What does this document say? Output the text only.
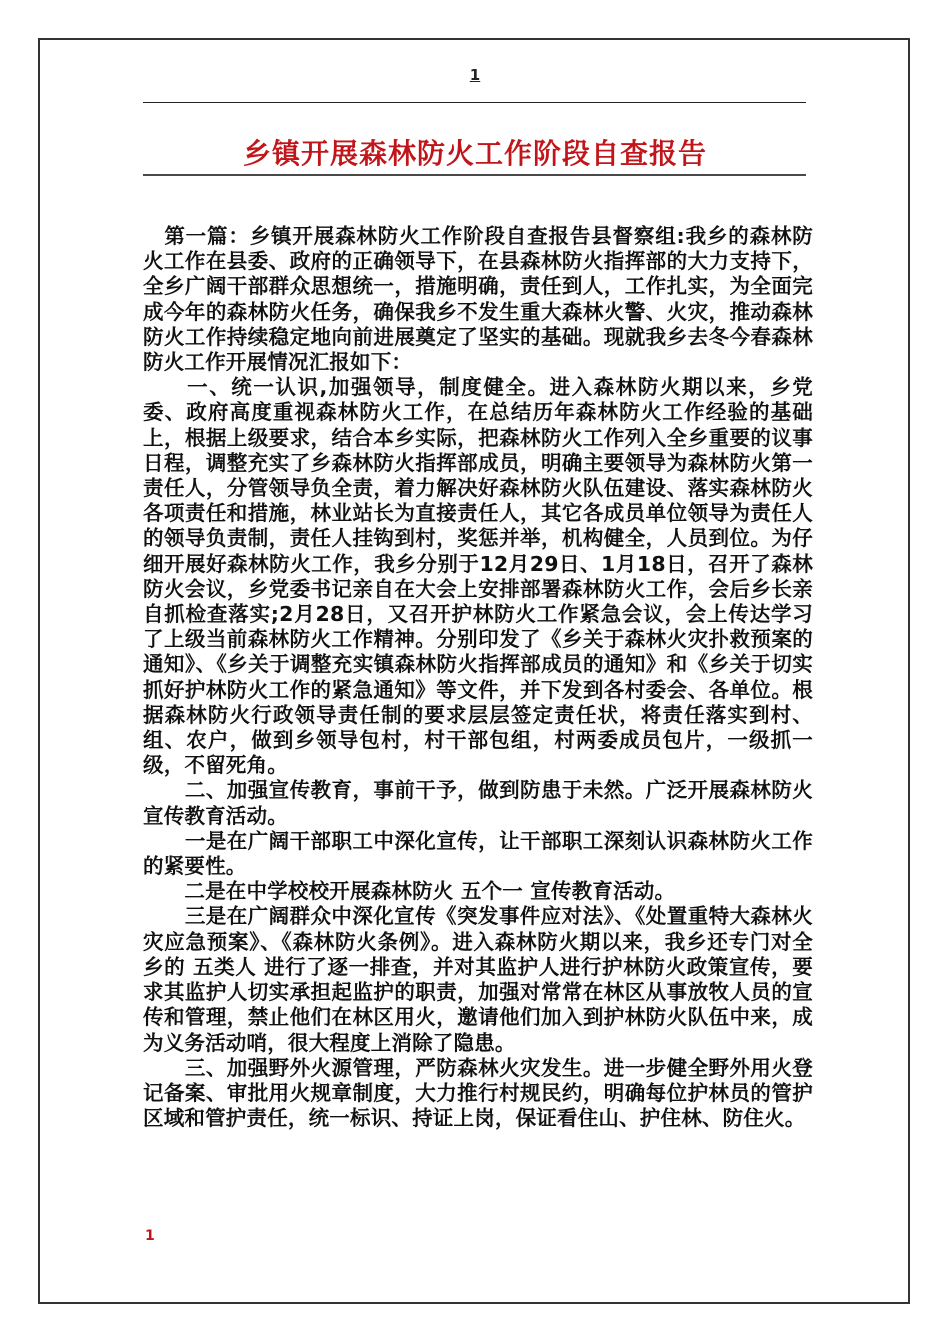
1
乡镇开展森林防火工作阶段自查报告

　第一篇：乡镇开展森林防火工作阶段自查报告县督察组:我乡的森林防火工作在县委、政府的正确领导下，在县森林防火指挥部的大力支持下，全乡广阔干部群众思想统一，措施明确，责任到人，工作扎实，为全面完成今年的森林防火任务，确保我乡不发生重大森林火警、火灾，推动森林防火工作持续稳定地向前进展奠定了坚实的基础。现就我乡去冬今春森林防火工作开展情况汇报如下：

　　一、统一认识,加强领导，制度健全。进入森林防火期以来，乡党委、政府高度重视森林防火工作，在总结历年森林防火工作经验的基础上，根据上级要求，结合本乡实际，把森林防火工作列入全乡重要的议事日程，调整充实了乡森林防火指挥部成员，明确主要领导为森林防火第一责任人，分管领导负全责，着力解决好森林防火队伍建设、落实森林防火各项责任和措施，林业站长为直接责任人，其它各成员单位领导为责任人的领导负责制，责任人挂钩到村，奖惩并举，机构健全，人员到位。为仔细开展好森林防火工作，我乡分别于12月29日、1月18日，召开了森林防火会议，乡党委书记亲自在大会上安排部署森林防火工作，会后乡长亲自抓检查落实;2月28日，又召开护林防火工作紧急会议，会上传达学习了上级当前森林防火工作精神。分别印发了《乡关于森林火灾扑救预案的通知》、《乡关于调整充实镇森林防火指挥部成员的通知》和《乡关于切实抓好护林防火工作的紧急通知》等文件，并下发到各村委会、各单位。根据森林防火行政领导责任制的要求层层签定责任状，将责任落实到村、组、农户，做到乡领导包村，村干部包组，村两委成员包片，一级抓一级，不留死角。

　　二、加强宣传教育，事前干予，做到防患于未然。广泛开展森林防火宣传教育活动。

　　一是在广阔干部职工中深化宣传，让干部职工深刻认识森林防火工作的紧要性。

　　二是在中学校校开展森林防火 五个一 宣传教育活动。

　　三是在广阔群众中深化宣传《突发事件应对法》、《处置重特大森林火灾应急预案》、《森林防火条例》。进入森林防火期以来，我乡还专门对全乡的 五类人 进行了逐一排查，并对其监护人进行护林防火政策宣传，要求其监护人切实承担起监护的职责，加强对常常在林区从事放牧人员的宣传和管理，禁止他们在林区用火，邀请他们加入到护林防火队伍中来，成为义务活动哨，很大程度上消除了隐患。

　　三、加强野外火源管理，严防森林火灾发生。进一步健全野外用火登记备案、审批用火规章制度，大力推行村规民约，明确每位护林员的管护区域和管护责任，统一标识、持证上岗，保证看住山、护住林、防住火。

1
